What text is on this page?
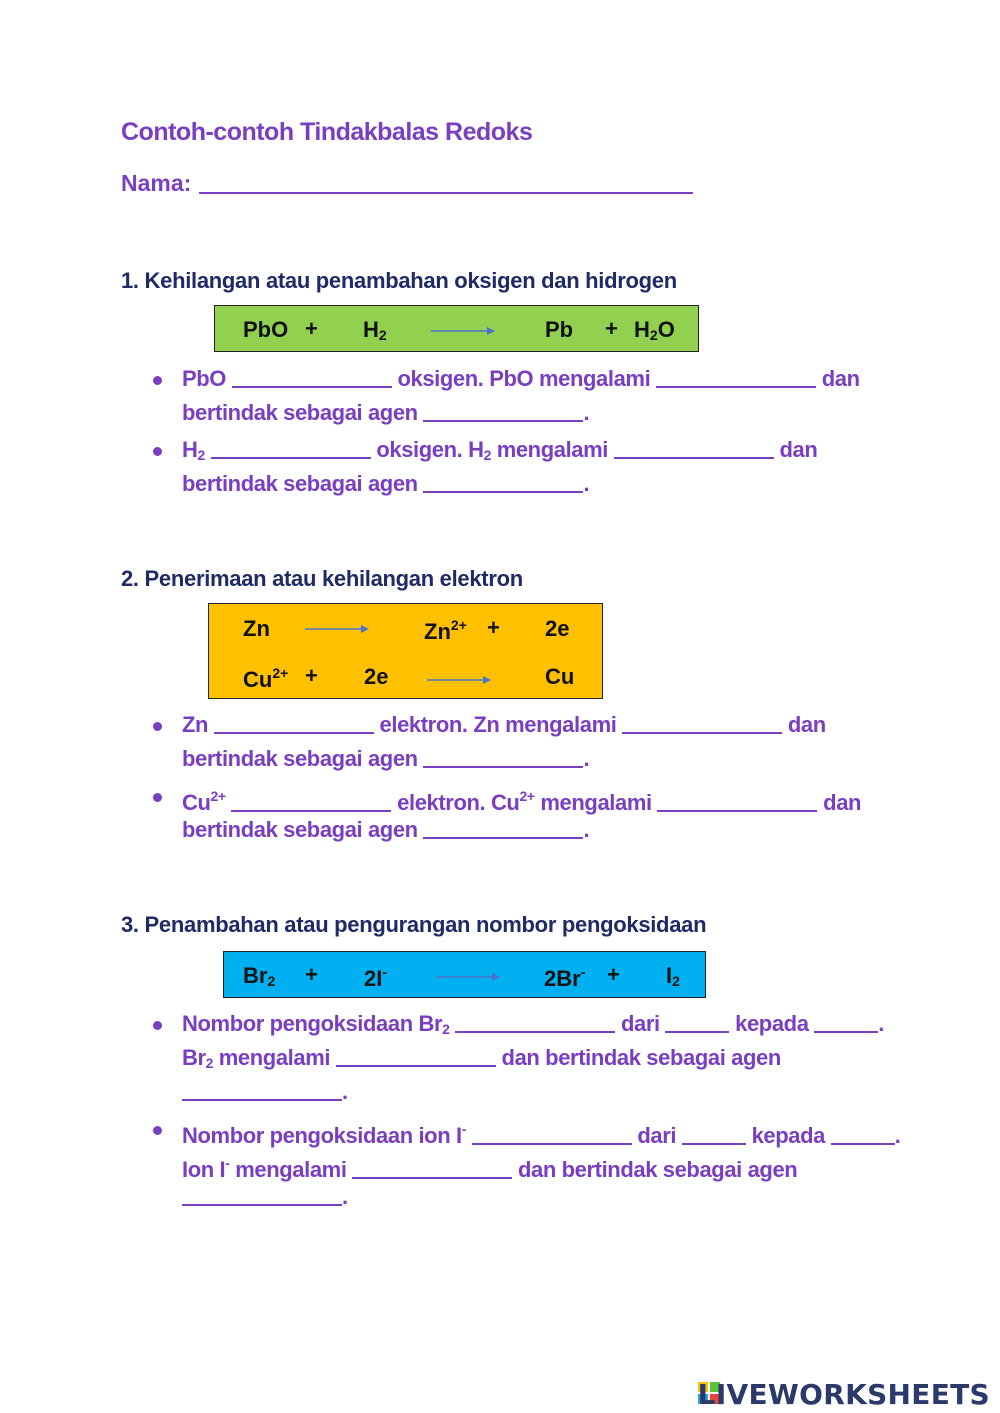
Contoh-contoh Tindakbalas Redoks
Nama:
1. Kehilangan atau penambahan oksigen dan hidrogen
PbO + $H_2$	$Pb + H_2O$
PbO	oksigen. PbO mengalami	dan
bertindak sebagai agen	.
$H_2$	oksigen. $H_2$ mengalami	dan
bertindak sebagai agen	.
2. Penerimaan atau kehilangan elektron
Zn	$Zn^{2+} + 2e$
$Cu^{2+} + 2e$	Cu
Zn	elektron. Zn mengalami	dan
bertindak sebagai agen	.
$Cu^{2+}$	elektron. $Cu^{2+}$ mengalami	dan
bertindak sebagai agen	.
3. Penambahan atau pengurangan nombor pengoksidaan
$Br_2 + 2I^-$	$2Br^- + I_2$
Nombor pengoksidaan $Br_2$	dari	kepada	.
$Br_2$ mengalami	dan bertindak sebagai agen
.
Nombor pengoksidaan ion I-	dari	kepada	.
Ion I- mengalami	dan bertindak sebagai agen
.
LIVEWORKSHEETS
